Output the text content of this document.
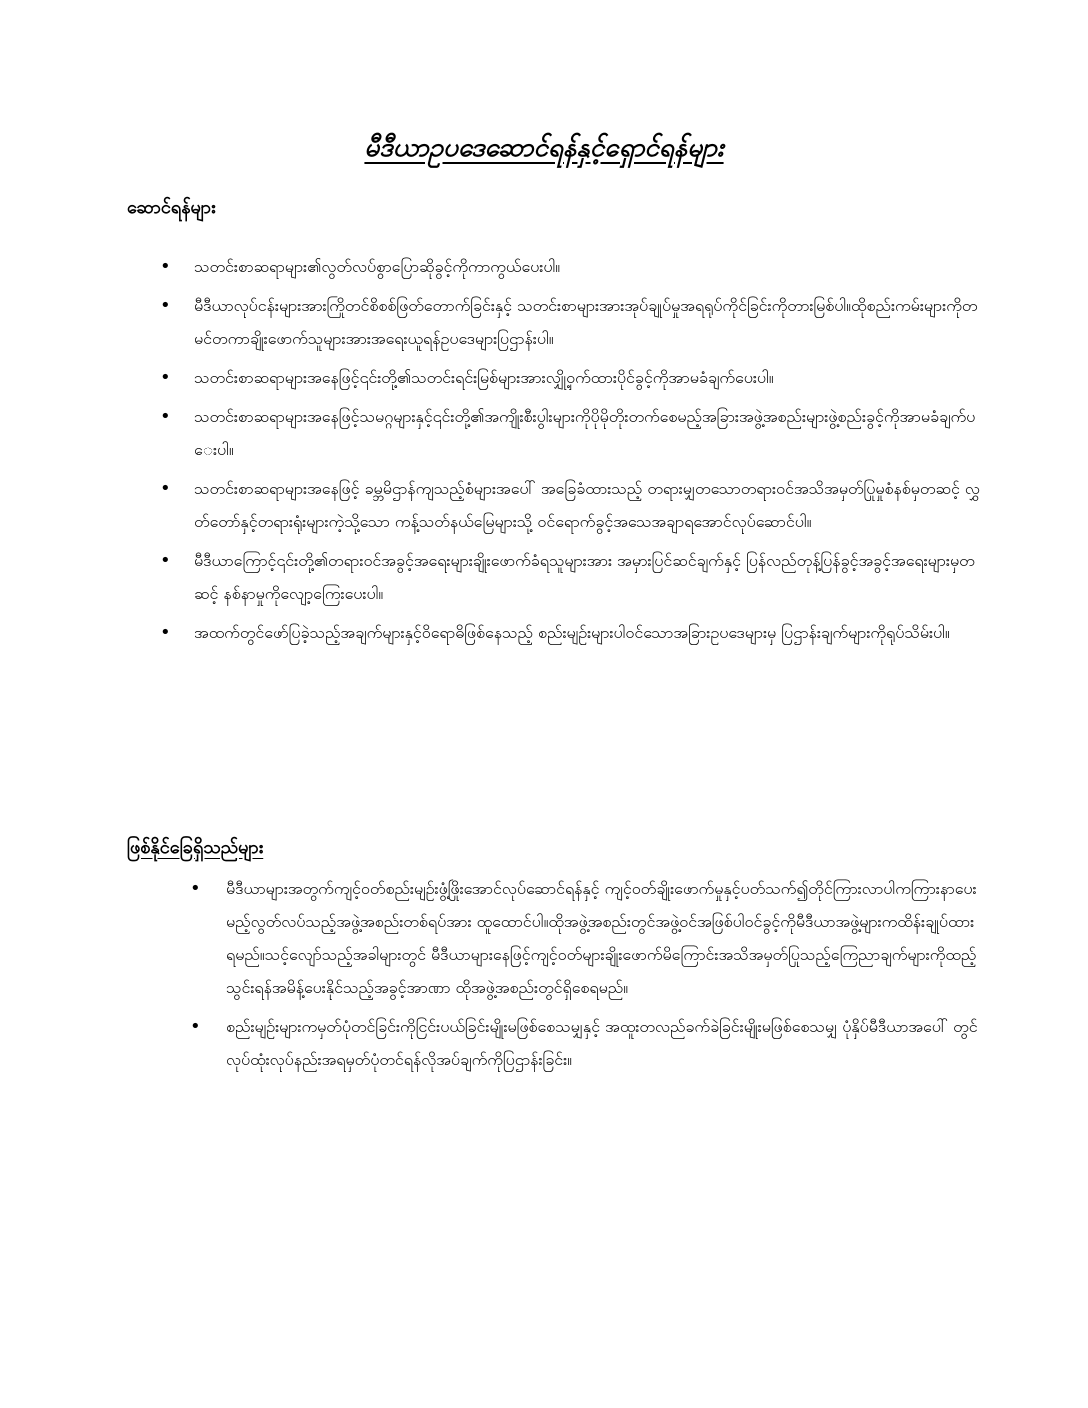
မီဒီယာဥပဒေဆောင်ရန်နှင့်ရှောင်ရန်များ
ဆောင်ရန်များ
•	သတင်းစာဆရာများ၏လွတ်လပ်စွာပြောဆိုခွင့်ကိုကာကွယ်ပေးပါ။
•	မီဒီယာလုပ်ငန်းများအားကြိုတင်စိစစ်ဖြတ်တောက်ခြင်းနှင့် သတင်းစာများအားအုပ်ချုပ်မှုအရရုပ်ကိုင်ခြင်းကိုတားမြစ်ပါ။ထိုစည်းကမ်းများကိုတမင်တကာချိုးဖောက်သူများအားအရေးယူရန်ဥပဒေများပြဌာန်းပါ။
•	သတင်းစာဆရာများအနေဖြင့်၎င်းတို့၏သတင်းရင်းမြစ်များအားလျှို့ဝှက်ထားပိုင်ခွင့်ကိုအာမခံချက်ပေးပါ။
•	သတင်းစာဆရာများအနေဖြင့်သမဂ္ဂများနှင့်၎င်းတို့၏အကျိုးစီးပွါးများကိုပိုမိုတိုးတက်စေမည့်အခြားအဖွဲ့အစည်းများဖွဲ့စည်းခွင့်ကိုအာမခံချက်ပေးပါ။
•	သတင်းစာဆရာများအနေဖြင့် ခမ္ဘမိဌာန်ကျသည့်စံများအပေါ် အခြေခံထားသည့် တရားမျှတသောတရားဝင်အသိအမှတ်ပြုမှုစံနစ်မှတဆင့် လွှတ်တော်နှင့်တရားရုံးများကဲ့သို့သော ကန့်သတ်နယ်မြေများသို့ ဝင်ရောက်ခွင့်အသေအချာရအောင်လုပ်ဆောင်ပါ။
•	မီဒီယာကြောင့်၎င်းတို့၏တရားဝင်အခွင့်အရေးများချိုးဖောက်ခံရသူများအား အမှားပြင်ဆင်ချက်နှင့် ပြန်လည်တုန့်ပြန်ခွင့်အခွင့်အရေးများမှတဆင့် နစ်နာမှုကိုလျော့ကြေးပေးပါ။
•	အထက်တွင်ဖော်ပြခဲ့သည့်အချက်များနှင့်ဝိရောဓိဖြစ်နေသည့် စည်းမျဉ်းများပါဝင်သောအခြားဥပဒေများမှ ပြဌာန်းချက်များကိုရုပ်သိမ်းပါ။
ဖြစ်နိုင်ခြေရှိသည်များ
•	မီဒီယာများအတွက်ကျင့်ဝတ်စည်းမျဉ်းဖွံ့ဖြိုးအောင်လုပ်ဆောင်ရန်နှင့် ကျင့်ဝတ်ချိုးဖောက်မှုနှင့်ပတ်သက်၍တိုင်ကြားလာပါကကြားနာပေးမည့်လွတ်လပ်သည့်အဖွဲ့အစည်းတစ်ရပ်အား ထူထောင်ပါ။ထိုအဖွဲ့အစည်းတွင်အဖွဲ့ဝင်အဖြစ်ပါဝင်ခွင့်ကိုမီဒီယာအဖွဲ့များကထိန်းချုပ်ထားရမည်။သင့်လျော်သည့်အခါများတွင် မီဒီယာများနေဖြင့်ကျင့်ဝတ်များချိုးဖောက်မိကြောင်းအသိအမှတ်ပြုသည့်ကြေညာချက်များကိုထည့်သွင်းရန်အမိန့်ပေးနိုင်သည့်အခွင့်အာဏာ ထိုအဖွဲ့အစည်းတွင်ရှိစေရမည်။
•	စည်းမျဉ်းများကမှတ်ပုံတင်ခြင်းကိုငြင်းပယ်ခြင်းမျိုးမဖြစ်စေသမျှနှင့် အထူးတလည်ခက်ခဲခြင်းမျိုးမဖြစ်စေသမျှ ပုံနှိပ်မီဒီယာအပေါ် တွင်လုပ်ထုံးလုပ်နည်းအရမှတ်ပုံတင်ရန်လိုအပ်ချက်ကိုပြဌာန်းခြင်း။
